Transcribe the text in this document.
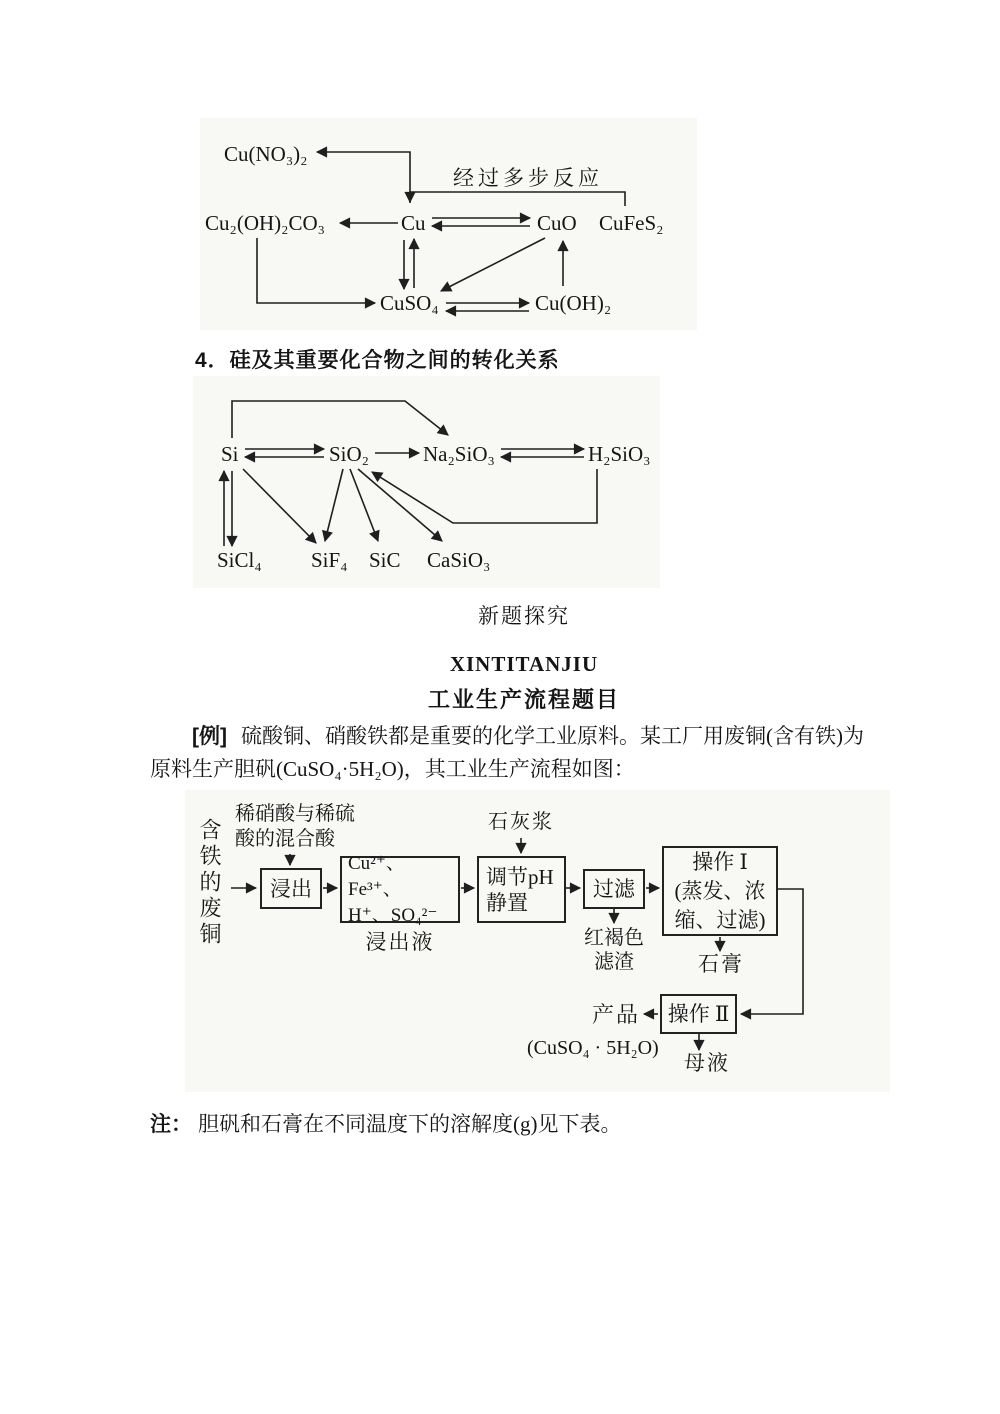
Cu(NO₃)₂
经过多步反应
Cu₂(OH)₂CO₃	Cu	CuO CuFeS₂
CuSO₄	Cu(OH)₂
4．硅及其重要化合物之间的转化关系
Si	SiO₂	Na₂SiO₃	H₂SiO₃
SiCl₄ SiF₄ SiC CaSiO₃
新题探究
XINTITANJIU
工业生产流程题目
[例] 硫酸铜、硝酸铁都是重要的化学工业原料。某工厂用废铜(含有铁)为
原料生产胆矾(CuSO₄·5H₂O)，其工业生产流程如图：
含铁的废铜
稀硝酸与稀硫
酸的混合酸
浸出
Cu²⁺、Fe³⁺、
H⁺、SO₄²⁻
浸出液
石灰浆
调节pH
静置
过滤
红褐色
滤渣
操作 Ⅰ
(蒸发、浓
缩、过滤)
石膏
操作 Ⅱ
产品
(CuSO₄ · 5H₂O)
母液
注： 胆矾和石膏在不同温度下的溶解度(g)见下表。
